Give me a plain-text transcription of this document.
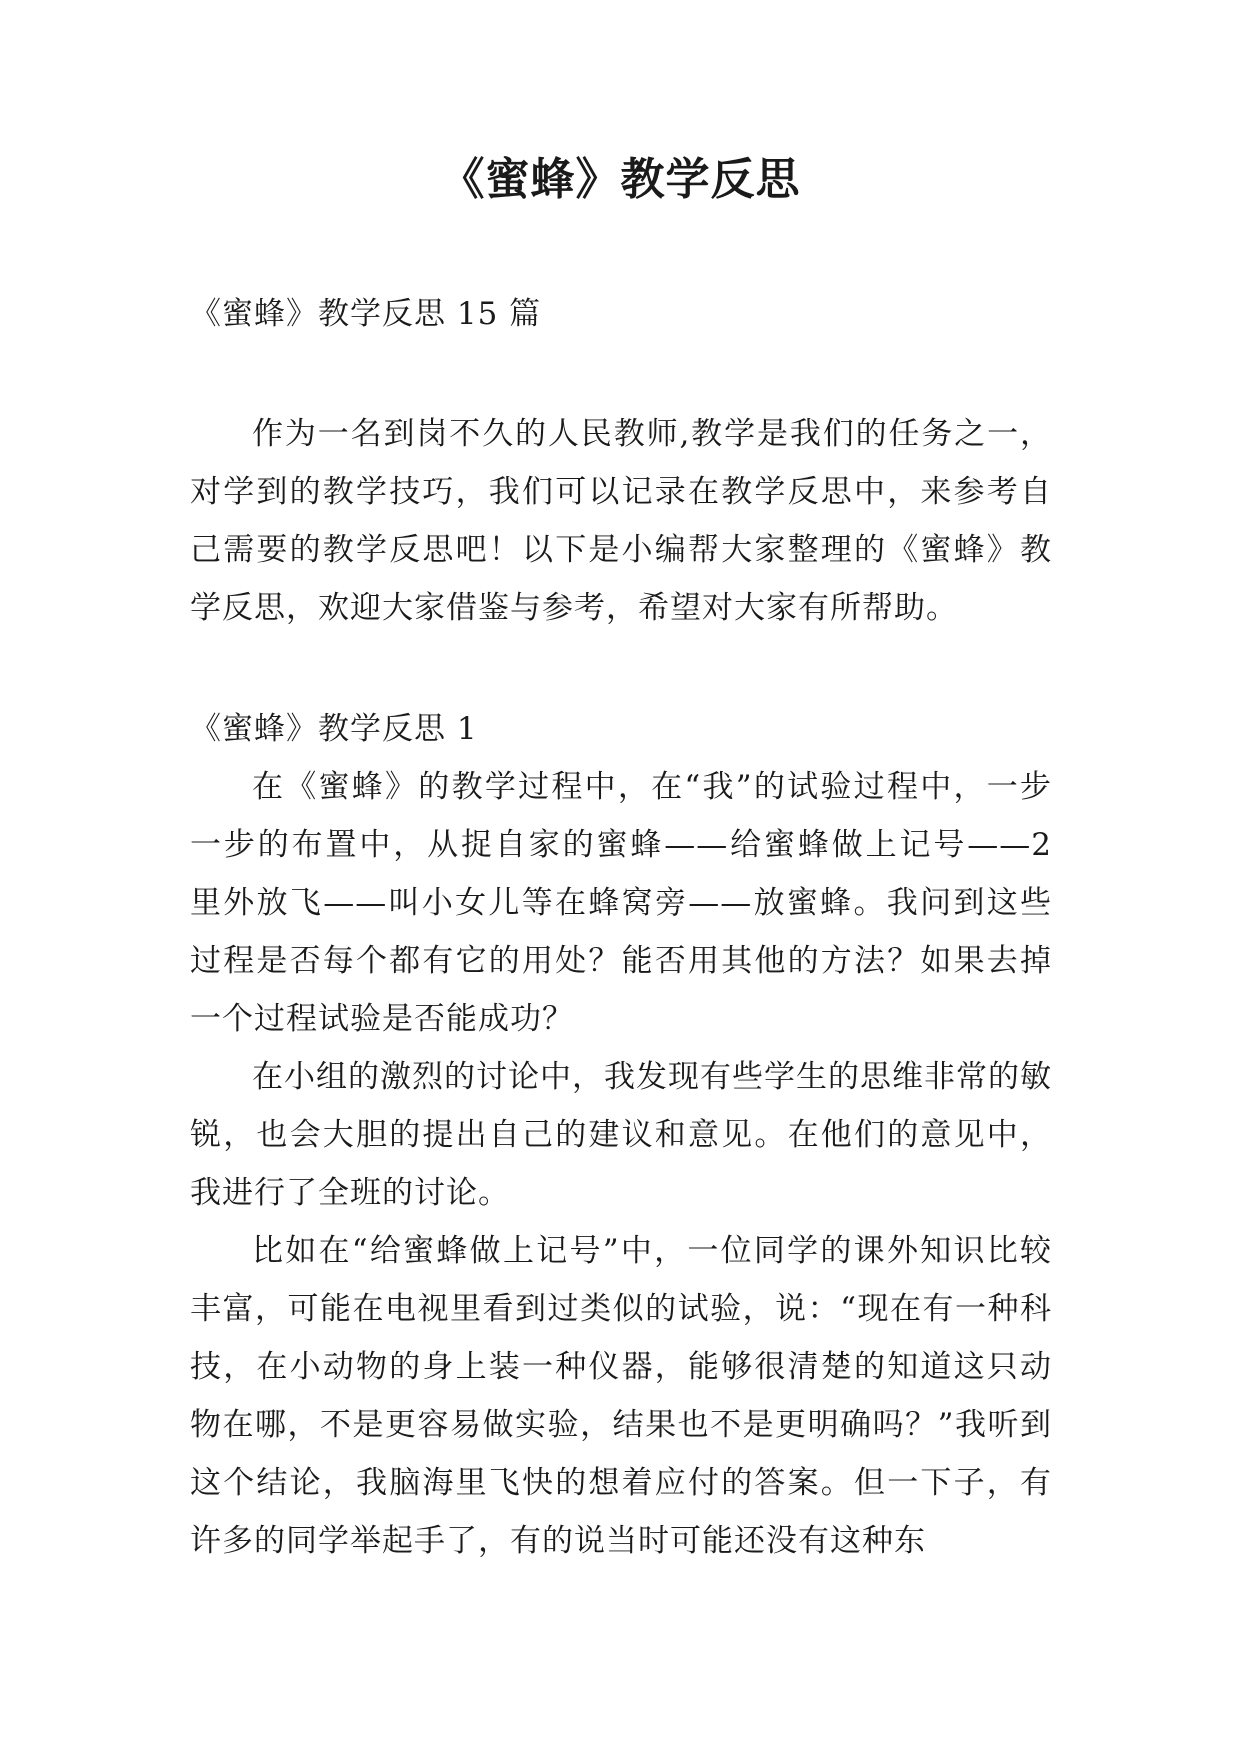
《蜜蜂》教学反思
《蜜蜂》教学反思 15 篇

作为一名到岗不久的人民教师,教学是我们的任务之一，对学到的教学技巧，我们可以记录在教学反思中，来参考自己需要的教学反思吧！以下是小编帮大家整理的《蜜蜂》教学反思，欢迎大家借鉴与参考，希望对大家有所帮助。

《蜜蜂》教学反思 1

在《蜜蜂》的教学过程中，在“我”的试验过程中，一步一步的布置中，从捉自家的蜜蜂——给蜜蜂做上记号——2 里外放飞——叫小女儿等在蜂窝旁——放蜜蜂。我问到这些过程是否每个都有它的用处？能否用其他的方法？如果去掉一个过程试验是否能成功？

在小组的激烈的讨论中，我发现有些学生的思维非常的敏锐，也会大胆的提出自己的建议和意见。在他们的意见中，我进行了全班的讨论。

比如在“给蜜蜂做上记号”中，一位同学的课外知识比较丰富，可能在电视里看到过类似的试验，说：“现在有一种科技，在小动物的身上装一种仪器，能够很清楚的知道这只动物在哪，不是更容易做实验，结果也不是更明确吗？”我听到这个结论，我脑海里飞快的想着应付的答案。但一下子，有许多的同学举起手了，有的说当时可能还没有这种东
